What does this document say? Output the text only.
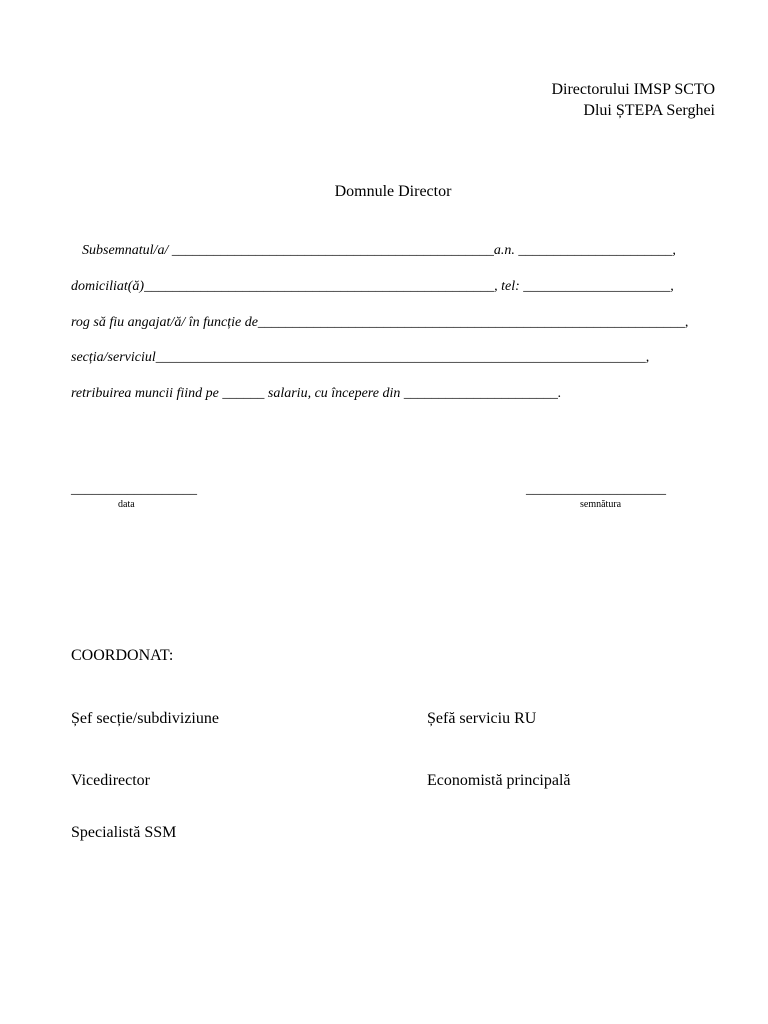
Directorului IMSP SCTO
Dlui ȘTEPA Serghei
Domnule Director
Subsemnatul/a/ ______________________________________________a.n. ______________________,
domiciliat(ă)__________________________________________________, tel: _____________________,
rog să fiu angajat/ă/ în funcție de_____________________________________________________________,
secția/serviciul______________________________________________________________________,
retribuirea muncii fiind pe ______ salariu, cu începere din ______________________.
__________________
data
____________________
semnătura
COORDONAT:
Șef secție/subdiviziune	Șefă serviciu RU
Vicedirector	Economistă principală
Specialistă SSM
